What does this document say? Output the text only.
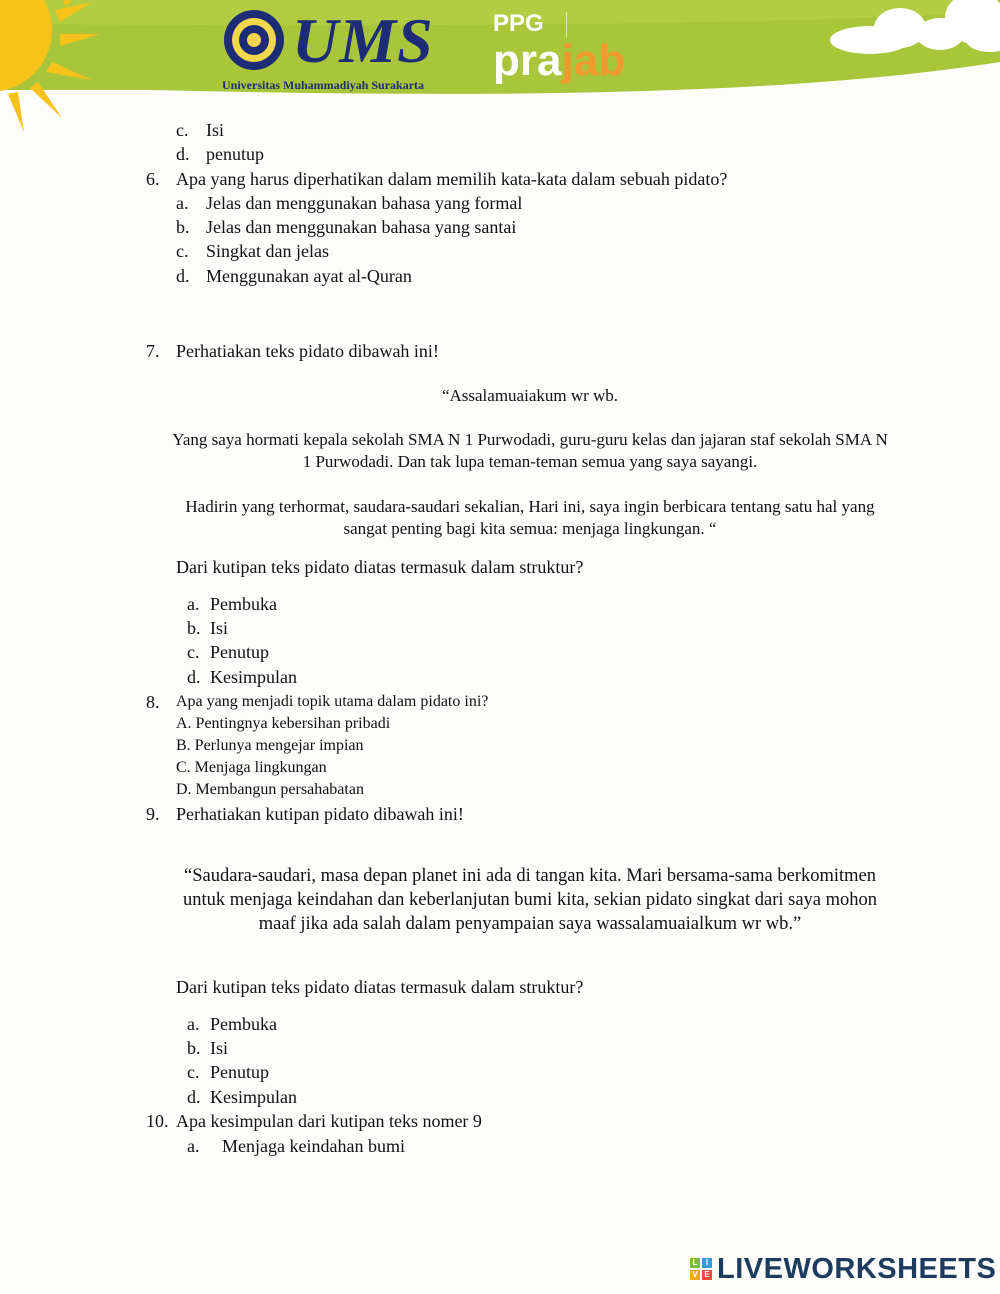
UMS
Universitas Muhammadiyah Surakarta
PPG
prajab
c. Isi
d. penutup
6. Apa yang harus diperhatikan dalam memilih kata-kata dalam sebuah pidato?
a. Jelas dan menggunakan bahasa yang formal
b. Jelas dan menggunakan bahasa yang santai
c. Singkat dan jelas
d. Menggunakan ayat al-Quran
7. Perhatiakan teks pidato dibawah ini!
“Assalamuaiakum wr wb.
Yang saya hormati kepala sekolah SMA N 1 Purwodadi, guru-guru kelas dan jajaran staf sekolah SMA N 1 Purwodadi. Dan tak lupa teman-teman semua yang saya sayangi.
Hadirin yang terhormat, saudara-saudari sekalian, Hari ini, saya ingin berbicara tentang satu hal yang sangat penting bagi kita semua: menjaga lingkungan. “
Dari kutipan teks pidato diatas termasuk dalam struktur?
a. Pembuka
b. Isi
c. Penutup
d. Kesimpulan
8. Apa yang menjadi topik utama dalam pidato ini?
A. Pentingnya kebersihan pribadi
B. Perlunya mengejar impian
C. Menjaga lingkungan
D. Membangun persahabatan
9. Perhatiakan kutipan pidato dibawah ini!
“Saudara-saudari, masa depan planet ini ada di tangan kita. Mari bersama-sama berkomitmen untuk menjaga keindahan dan keberlanjutan bumi kita, sekian pidato singkat dari saya mohon maaf jika ada salah dalam penyampaian saya wassalamuaialkum wr wb.”
Dari kutipan teks pidato diatas termasuk dalam struktur?
a. Pembuka
b. Isi
c. Penutup
d. Kesimpulan
10. Apa kesimpulan dari kutipan teks nomer 9
a. Menjaga keindahan bumi
L	I
V E LIVEWORKSHEETS
